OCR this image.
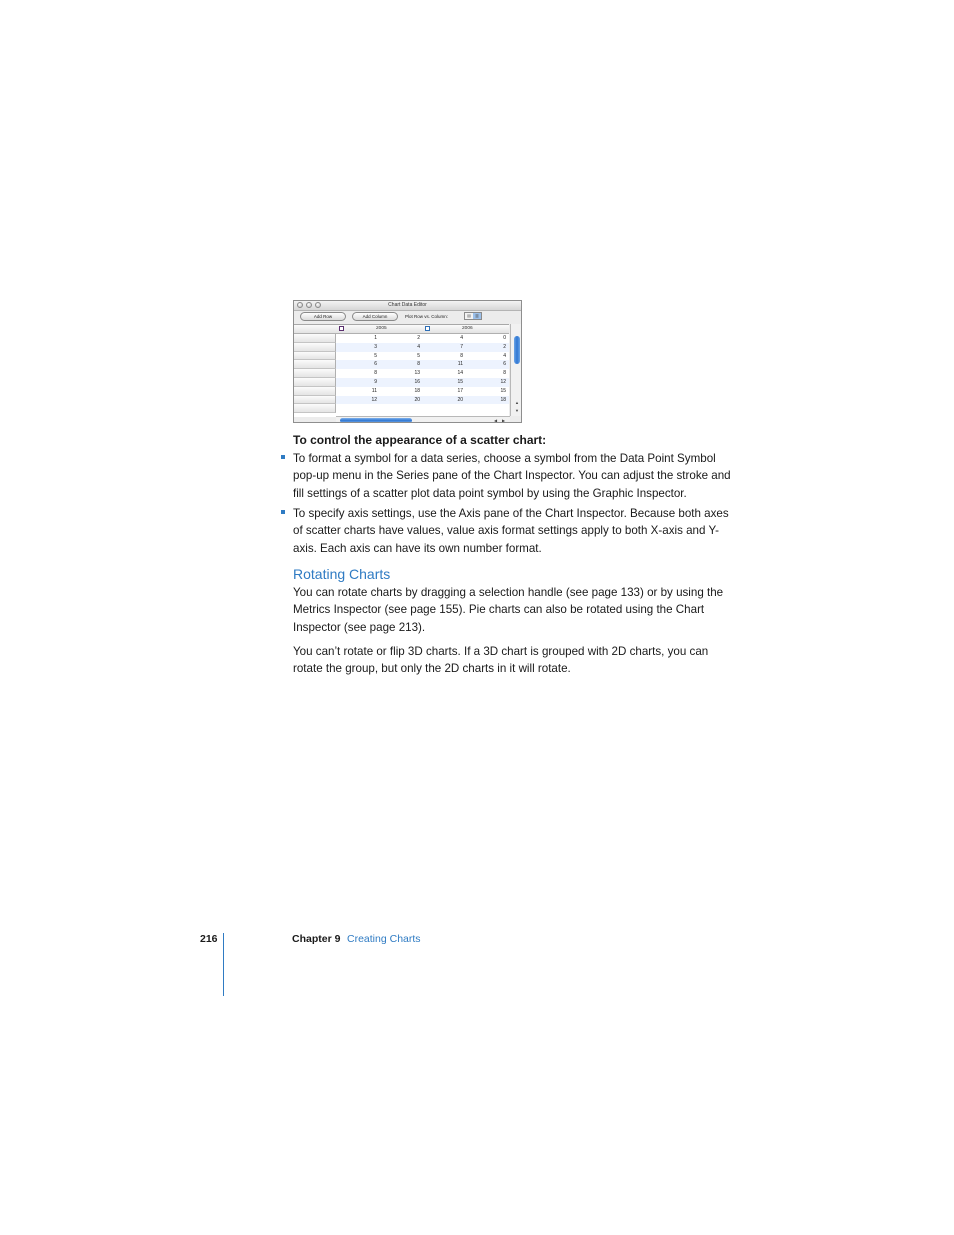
Chart Data Editor
Add Row	Add Column	Plot Row vs. Column:	▤	▥
2005	2006
1	2	4	0
3	4	7	2
5	5	8	4
6	8	11	6
8	13	14	8
9	16	15	12
11	18	17	15
12	20	20	18 ▲
▼
◀ ▶
To control the appearance of a scatter chart:
To format a symbol for a data series, choose a symbol from the Data Point Symbol pop-up menu in the Series pane of the Chart Inspector. You can adjust the stroke and fill settings of a scatter plot data point symbol by using the Graphic Inspector.
To specify axis settings, use the Axis pane of the Chart Inspector. Because both axes of scatter charts have values, value axis format settings apply to both X-axis and Y-axis. Each axis can have its own number format.
Rotating Charts
You can rotate charts by dragging a selection handle (see page 133) or by using the Metrics Inspector (see page 155). Pie charts can also be rotated using the Chart Inspector (see page 213).
You can’t rotate or flip 3D charts. If a 3D chart is grouped with 2D charts, you can rotate the group, but only the 2D charts in it will rotate.
216	Chapter 9 Creating Charts
